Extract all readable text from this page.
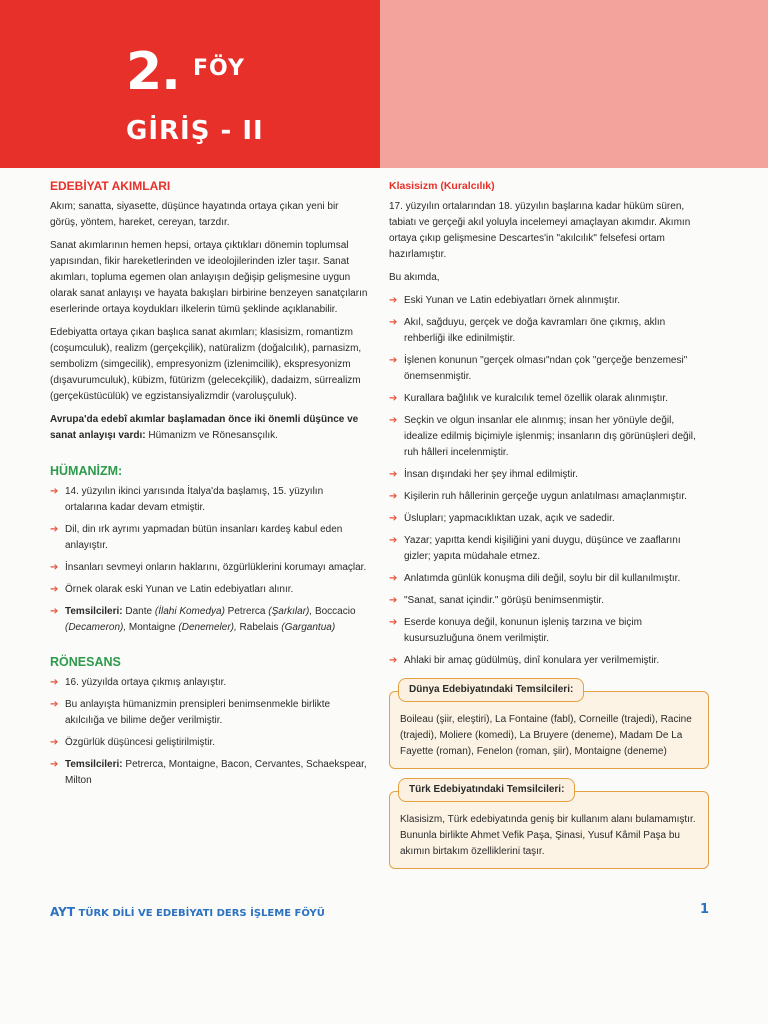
2. FÖY
GİRİŞ - II
EDEBİYAT AKIMLARI

Akım; sanatta, siyasette, düşünce hayatında ortaya çıkan yeni bir görüş, yöntem, hareket, cereyan, tarzdır.

Sanat akımlarının hemen hepsi, ortaya çıktıkları dönemin toplumsal yapısından, fikir hareketlerinden ve ideolojilerinden izler taşır. Sanat akımları, topluma egemen olan anlayışın değişip gelişmesine uygun olarak sanat anlayışı ve hayata bakışları birbirine benzeyen sanatçıların eserlerinde ortaya koydukları ilkelerin tümü şeklinde açıklanabilir.

Edebiyatta ortaya çıkan başlıca sanat akımları; klasisizm, romantizm (coşumculuk), realizm (gerçekçilik), natüralizm (doğalcılık), parnasizm, sembolizm (simgecilik), empresyonizm (izlenimcilik), ekspresyonizm (dışavurumculuk), kübizm, fütürizm (gelecekçilik), dadaizm, sürrealizm (gerçeküstücülük) ve egzistansiyalizmdir (varoluşçuluk).

Avrupa'da edebî akımlar başlamadan önce iki önemli düşünce ve sanat anlayışı vardı: Hümanizm ve Rönesansçılık.

HÜMANİZM:
➔ 14. yüzyılın ikinci yarısında İtalya'da başlamış, 15. yüzyılın ortalarına kadar devam etmiştir.
➔ Dil, din ırk ayrımı yapmadan bütün insanları kardeş kabul eden anlayıştır.
➔ İnsanları sevmeyi onların haklarını, özgürlüklerini korumayı amaçlar.
➔ Örnek olarak eski Yunan ve Latin edebiyatları alınır.
➔ Temsilcileri: Dante (İlahi Komedya) Petrerca (Şarkılar), Boccacio (Decameron), Montaigne (Denemeler), Rabelais (Gargantua)
RÖNESANS
➔ 16. yüzyılda ortaya çıkmış anlayıştır.
➔ Bu anlayışta hümanizmin prensipleri benimsenmekle birlikte akılcılığa ve bilime değer verilmiştir.
➔ Özgürlük düşüncesi geliştirilmiştir.
➔ Temsilcileri: Petrerca, Montaigne, Bacon, Cervantes, Schaekspear, Milton
Klasisizm (Kuralcılık)

17. yüzyılın ortalarından 18. yüzyılın başlarına kadar hüküm süren, tabiatı ve gerçeği akıl yoluyla incelemeyi amaçlayan akımdır. Akımın ortaya çıkıp gelişmesine Descartes'in "akılcılık" felsefesi ortam hazırlamıştır.

Bu akımda,

➔ Eski Yunan ve Latin edebiyatları örnek alınmıştır.
➔ Akıl, sağduyu, gerçek ve doğa kavramları öne çıkmış, aklın rehberliği ilke edinilmiştir.
➔ İşlenen konunun "gerçek olması"ndan çok "gerçeğe benzemesi" önemsenmiştir.
➔ Kurallara bağlılık ve kuralcılık temel özellik olarak alınmıştır.
➔ Seçkin ve olgun insanlar ele alınmış; insan her yönüyle değil, idealize edilmiş biçimiyle işlenmiş; insanların dış görünüşleri değil, ruh hâlleri incelenmiştir.
➔ İnsan dışındaki her şey ihmal edilmiştir.
➔ Kişilerin ruh hâllerinin gerçeğe uygun anlatılması amaçlanmıştır.
➔ Üslupları; yapmacıklıktan uzak, açık ve sadedir.
➔ Yazar; yapıtta kendi kişiliğini yani duygu, düşünce ve zaaflarını gizler; yapıta müdahale etmez.
➔ Anlatımda günlük konuşma dili değil, soylu bir dil kullanılmıştır.
➔ "Sanat, sanat içindir." görüşü benimsenmiştir.
➔ Eserde konuya değil, konunun işleniş tarzına ve biçim kusursuzluğuna önem verilmiştir.
➔ Ahlaki bir amaç güdülmüş, dinî konulara yer verilmemiştir.
Dünya Edebiyatındaki Temsilcileri:
Boileau (şiir, eleştiri), La Fontaine (fabl), Corneille (trajedi), Racine (trajedi), Moliere (komedi), La Bruyere (deneme), Madam De La Fayette (roman), Fenelon (roman, şiir), Montaigne (deneme)
Türk Edebiyatındaki Temsilcileri:
Klasisizm, Türk edebiyatında geniş bir kullanım alanı bulamamıştır. Bununla birlikte Ahmet Vefik Paşa, Şinasi, Yusuf Kâmil Paşa bu akımın birtakım özelliklerini taşır.
AYT TÜRK DİLİ VE EDEBİYATI DERS İŞLEME FÖYÜ	1
